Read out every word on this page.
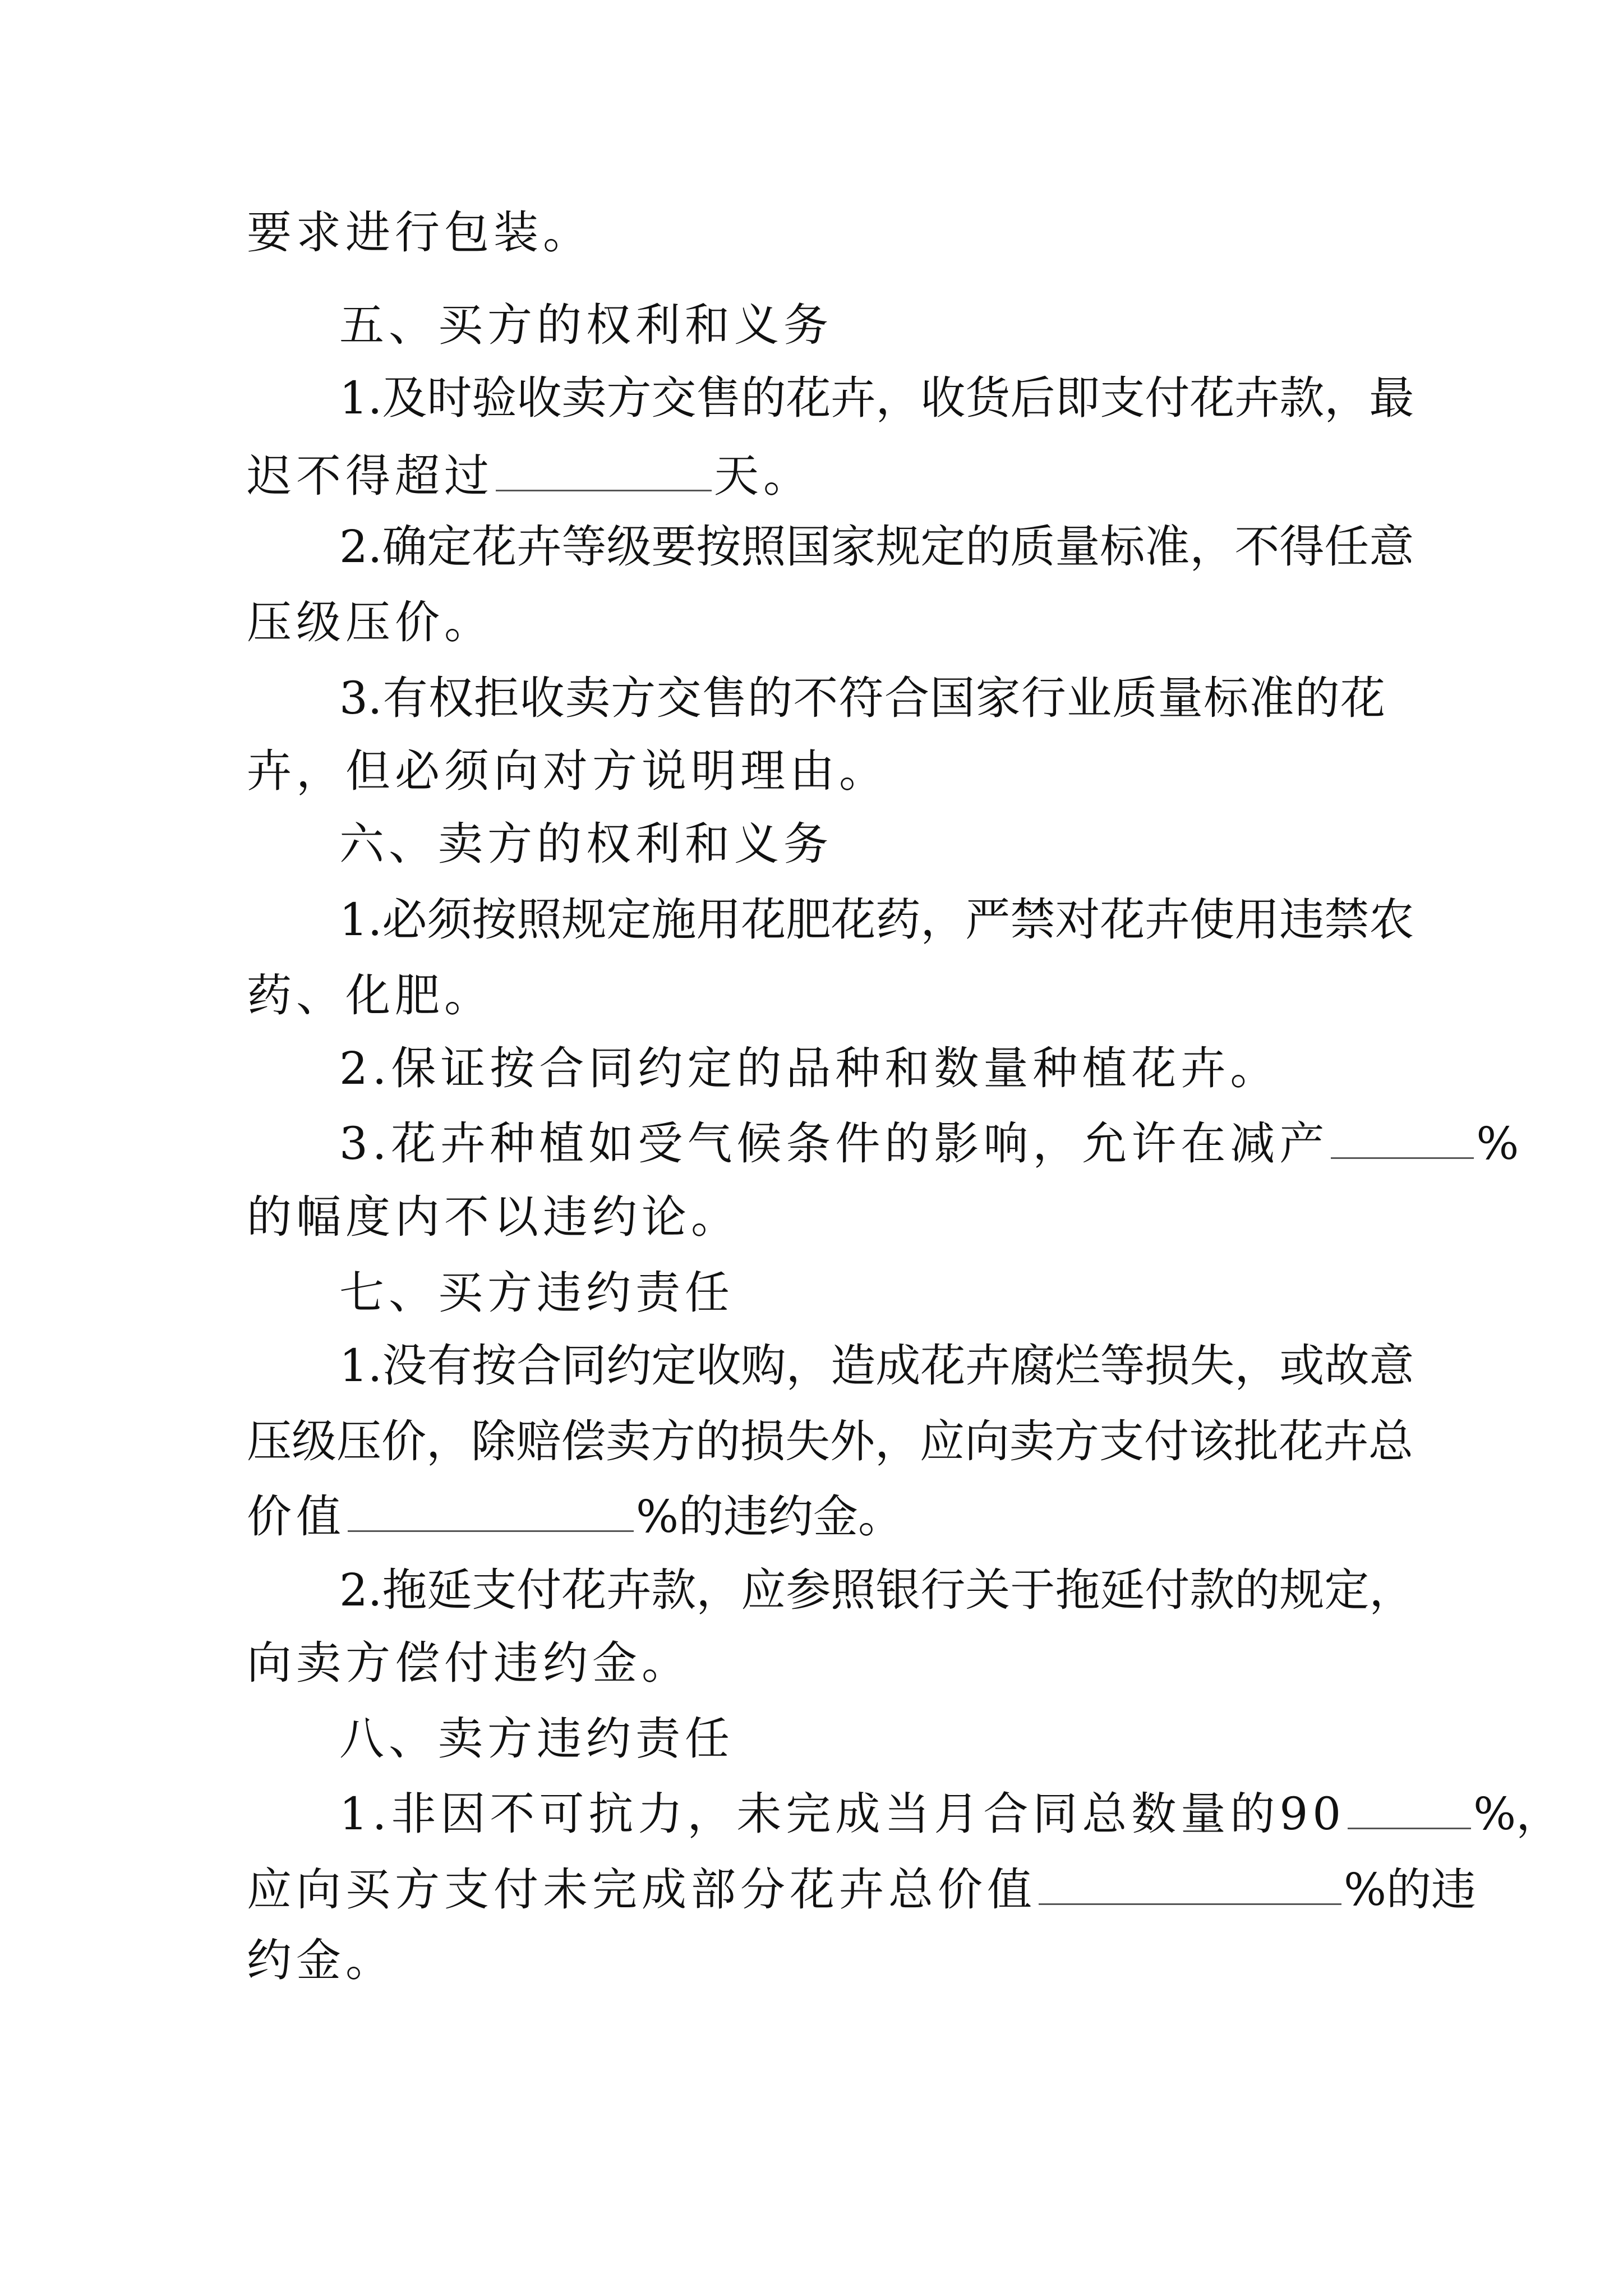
要求进行包装。
五、买方的权利和义务
1.及时验收卖方交售的花卉，收货后即支付花卉款，最
迟不得超过	天。
2.确定花卉等级要按照国家规定的质量标准，不得任意
压级压价。
3.有权拒收卖方交售的不符合国家行业质量标准的花
卉，但必须向对方说明理由。
六、卖方的权利和义务
1.必须按照规定施用花肥花药，严禁对花卉使用违禁农
药、化肥。
2.保证按合同约定的品种和数量种植花卉。
3.花卉种植如受气候条件的影响，允许在减产	%
的幅度内不以违约论。
七、买方违约责任
1.没有按合同约定收购，造成花卉腐烂等损失，或故意
压级压价，除赔偿卖方的损失外，应向卖方支付该批花卉总
价值	%的违约金。
2.拖延支付花卉款，应参照银行关于拖延付款的规定，
向卖方偿付违约金。
八、卖方违约责任
1.非因不可抗力，未完成当月合同总数量的90	%，
应向买方支付未完成部分花卉总价值	%的违
约金。
